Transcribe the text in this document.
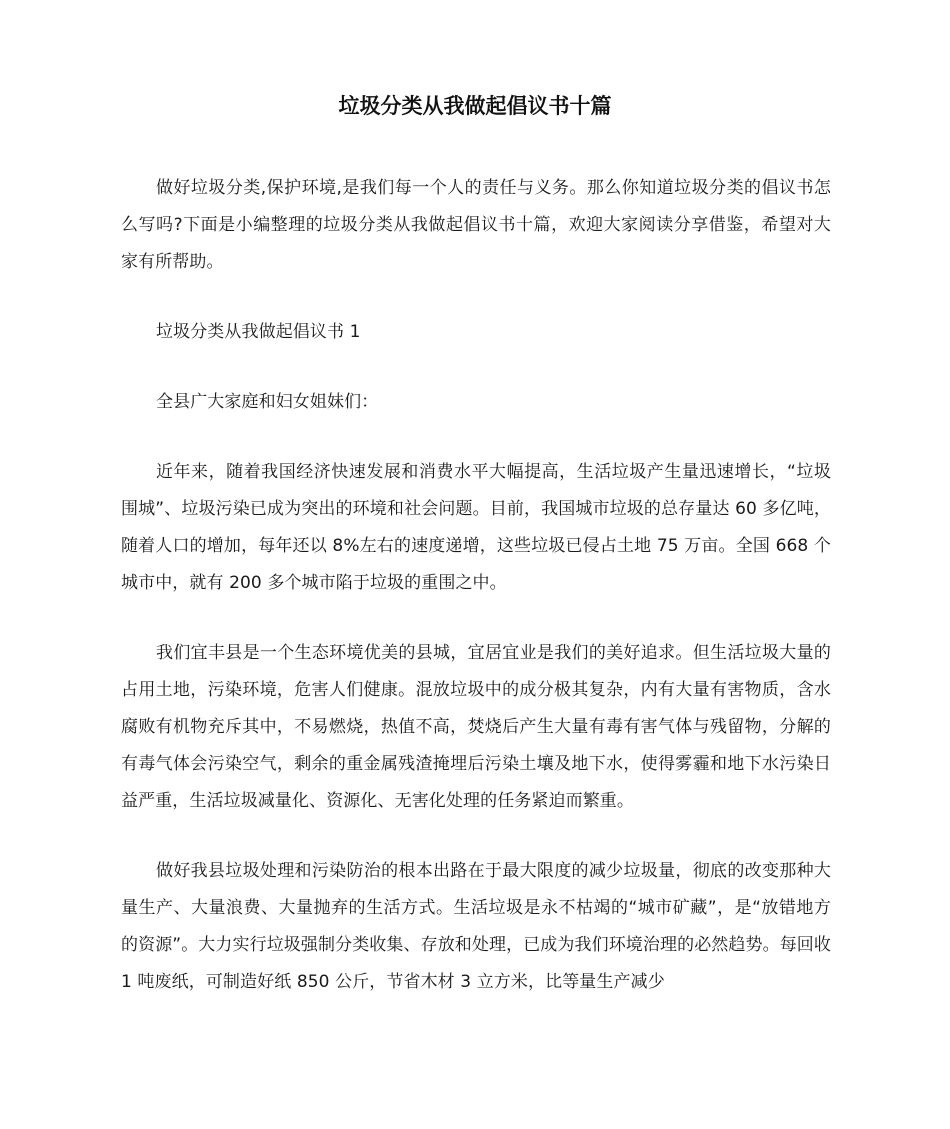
垃圾分类从我做起倡议书十篇

做好垃圾分类,保护环境,是我们每一个人的责任与义务。那么你知道垃圾分类的倡议书怎么写吗?下面是小编整理的垃圾分类从我做起倡议书十篇，欢迎大家阅读分享借鉴，希望对大家有所帮助。

垃圾分类从我做起倡议书 1

全县广大家庭和妇女姐妹们：

近年来，随着我国经济快速发展和消费水平大幅提高，生活垃圾产生量迅速增长，“垃圾围城”、垃圾污染已成为突出的环境和社会问题。目前，我国城市垃圾的总存量达 60 多亿吨，随着人口的增加，每年还以 8%左右的速度递增，这些垃圾已侵占土地 75 万亩。全国 668 个城市中，就有 200 多个城市陷于垃圾的重围之中。

我们宜丰县是一个生态环境优美的县城，宜居宜业是我们的美好追求。但生活垃圾大量的占用土地，污染环境，危害人们健康。混放垃圾中的成分极其复杂，内有大量有害物质，含水腐败有机物充斥其中，不易燃烧，热值不高，焚烧后产生大量有毒有害气体与残留物，分解的有毒气体会污染空气，剩余的重金属残渣掩埋后污染土壤及地下水，使得雾霾和地下水污染日益严重，生活垃圾减量化、资源化、无害化处理的任务紧迫而繁重。

做好我县垃圾处理和污染防治的根本出路在于最大限度的减少垃圾量，彻底的改变那种大量生产、大量浪费、大量抛弃的生活方式。生活垃圾是永不枯竭的“城市矿藏”，是“放错地方的资源”。大力实行垃圾强制分类收集、存放和处理，已成为我们环境治理的必然趋势。每回收 1 吨废纸，可制造好纸 850 公斤，节省木材 3 立方米，比等量生产减少
